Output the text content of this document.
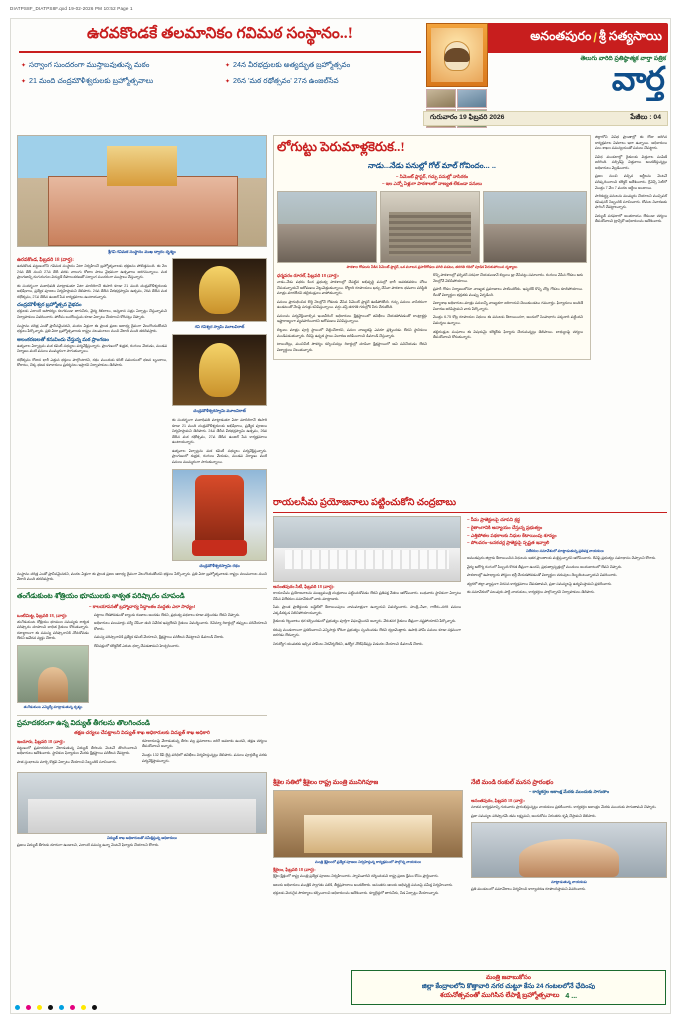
DIATPS8F_DIATPS8F.qxd 19-02-2026 PM 10:52 Page 1
ఉరవకొండకే తలమానికం గవిమఠ సంస్థానం..!
✦ సర్వాంగ సుందరంగా ముస్తాబవుతున్న మఠం	✦ 24న వీరభద్రులకు అత్యద్భుత బ్రహ్మోత్సవం
✦ 21 మంది చంద్రమౌళీశ్వరులకు బ్రహ్మోత్సవాలు	✦ 26న 'మఠ రథోత్సవం' 27న ఉంజల్‌సేవ
అనంతపురం / శ్రీ సత్యసాయి
తెలుగు వారిది ప్రతిష్ఠాత్మక వార్తా పత్రిక
వార్త
గురువారం 19 ఫిబ్రవరి 2026	పేజీలు : 04
శ్రీగవి గవిమఠ సంస్థానం ముఖ ద్వారం దృశ్యం
ఉరవకొండ, ఫిబ్రవరి 18 (వార్త):

ఉరవకొండ పట్టణంలోని గవిమఠ సంస్థానం ఏటా నిర్వహించే బ్రహ్మోత్సవాలకు భక్తజనం పోటెత్తనుంది. ఈ నెల 24వ తేదీ నుంచి 27వ తేదీ వరకు నాలుగు రోజుల పాటు వైభవంగా ఉత్సవాలు జరగనున్నాయి. మఠ ప్రాంగణాన్ని రంగురంగుల విద్యుత్ దీపాలంకరణతో సర్వాంగ సుందరంగా ముస్తాబు చేస్తున్నారు.

ఈ సందర్భంగా మఠాధిపతి మాట్లాడుతూ ఏటా మాదిరిగానే ఈసారి కూడా 21 మంది చంద్రమౌళీశ్వరులకు అభిషేకాలు, ప్రత్యేక పూజలు నిర్వహిస్తామని తెలిపారు. 24వ తేదీన వీరభద్రస్వామి ఉత్సవం, 26వ తేదీన మఠ రథోత్సవం, 27వ తేదీన ఉంజల్ సేవ కార్యక్రమాలు ఉంటాయన్నారు.

చంద్రమౌళీశ్వర బ్రహ్మోత్సవ వైభవం

భక్తులకు ఎలాంటి అసౌకర్యం కలగకుండా తాగునీరు, వైద్య శిబిరాలు, అన్నదాన సత్రం ఏర్పాట్లు చేస్తున్నామని నిర్వాహకులు వివరించారు. పోలీసు బందోబస్తును కూడా ఏర్పాటు చేయాలని కోరినట్లు చెప్పారు.

సంస్థానం చరిత్ర ఎంతో ప్రాచీనమైనదని, వందల ఏళ్లుగా ఈ ప్రాంత ప్రజల ఆరాధ్య దైవంగా వెలుగొందుతోందని భక్తులు పేర్కొన్నారు. ప్రతి ఏటా బ్రహ్మోత్సవాలకు రాష్ట్రం నలుమూలల నుంచి వేలాది మంది తరలివస్తారు.

అలంకరణలతో కనువిందు చేస్తున్న మఠ ప్రాంగణం

ఉత్సవాల ఏర్పాట్లను మఠ కమిటీ సభ్యులు పర్యవేక్షిస్తున్నారు. ప్రాంగణంలో శుభ్రత, రంగులు వేయడం, మండప నిర్మాణం వంటి పనులు ముమ్మరంగా సాగుతున్నాయి.

రథోత్సవం రోజున భారీ ఎత్తున భక్తులు పాల్గొంటారని, రథం ముందుకు కదిలే సమయంలో భజన బృందాలు, కోలాటం, చెక్క భజన కళాకారులు ప్రదర్శనలు ఇస్తారని నిర్వాహకులు తెలిపారు.

గవి గవిశ్వర స్వామి మూలవిరాట్
చంద్రమౌళీశ్వరస్వామి మూలవిరాట్

ఈ సందర్భంగా మఠాధిపతి మాట్లాడుతూ ఏటా మాదిరిగానే ఈసారి కూడా 21 మంది చంద్రమౌళీశ్వరులకు అభిషేకాలు, ప్రత్యేక పూజలు నిర్వహిస్తామని తెలిపారు. 24వ తేదీన వీరభద్రస్వామి ఉత్సవం, 26వ తేదీన మఠ రథోత్సవం, 27వ తేదీన ఉంజల్ సేవ కార్యక్రమాలు ఉంటాయన్నారు.

ఉత్సవాల ఏర్పాట్లను మఠ కమిటీ సభ్యులు పర్యవేక్షిస్తున్నారు. ప్రాంగణంలో శుభ్రత, రంగులు వేయడం, మండప నిర్మాణం వంటి పనులు ముమ్మరంగా సాగుతున్నాయి.

చంద్రమౌళీశ్వరస్వామి రథం

సంస్థానం చరిత్ర ఎంతో ప్రాచీనమైనదని, వందల ఏళ్లుగా ఈ ప్రాంత ప్రజల ఆరాధ్య దైవంగా వెలుగొందుతోందని భక్తులు పేర్కొన్నారు. ప్రతి ఏటా బ్రహ్మోత్సవాలకు రాష్ట్రం నలుమూలల నుంచి వేలాది మంది తరలివస్తారు.

తంగేడుకుంట శోత్రియం భూములకు శాశ్వత పరిష్కారం చూపండి
– కాలయాపనతో బ్రహ్మాచార్య సిద్ధాంతం మద్దతు ఎలా సాధ్యం!
ఒంటిమిట్ట, ఫిబ్రవరి 18, (వార్త):

తంగేడుకుంట శోత్రియం భూముల సమస్యకు శాశ్వత పరిష్కారం చూపాలని బాధిత రైతులు కోరుతున్నారు. దశాబ్దాలుగా ఈ సమస్య పరిష్కారానికి నోచుకోవడం లేదని ఆవేదన వ్యక్తం చేశారు.

తంగేడుకుంట ఎమ్మెల్యే మాట్లాడుతున్న దృశ్యం

పట్టాలు లేకపోవడంతో బ్యాంకు రుణాలు అందడం లేదని, ప్రభుత్వ పథకాలు కూడా వర్తించడం లేదని చెప్పారు.

అధికారులు పలుమార్లు సర్వే చేసినా తుది నివేదిక ఇవ్వలేదని రైతులు విమర్శించారు. రెవెన్యూ రికార్డుల్లో తప్పులు సరిచేయాలని కోరారు.

సమస్య పరిష్కారానికి ప్రత్యేక కమిటీ వేయాలని, క్షేత్రస్థాయి పరిశీలన చేపట్టాలని డిమాండ్ చేశారు.

లేనిపక్షంలో కలెక్టరేట్ ఎదుట ధర్నా చేపడతామని హెచ్చరించారు.

ప్రమాదకరంగా ఉన్న విద్యుత్ తీగలను తొలగించండి
తక్షణ చర్యలు చేపట్టాలని విద్యుత్ శాఖ అధికారులకు విద్యుత్ శాఖ అధికారి
ఇందూరు, ఫిబ్రవరి 18 (వార్త):

పట్టణంలో ప్రమాదకరంగా వేలాడుతున్న విద్యుత్ తీగలను వెంటనే తొలగించాలని అధికారులు ఆదేశించారు. స్థానికుల ఫిర్యాదుల మేరకు క్షేత్రస్థాయి పరిశీలన చేపట్టారు.

పాత స్తంభాలను మార్చి కొత్తవి ఏర్పాటు చేయాలని సిబ్బందికి సూచించారు.

రహదారులపై వేలాడుతున్న తీగల వల్ల ప్రమాదాలు జరిగే అవకాశం ఉందని, తక్షణ చర్యలు తీసుకోవాలని అన్నారు.

మొత్తం 132 కేవీ లైన్ల పరిధిలో తనిఖీలు నిర్వహిస్తున్నట్లు తెలిపారు. పనులు పూర్తయ్యే వరకు పర్యవేక్షిస్తామన్నారు.

విద్యుత్ శాఖ అధికారులతో సమీక్షిస్తున్న అధికారులు

ప్రజలు విద్యుత్ తీగలకు దూరంగా ఉండాలని, ఎలాంటి సమస్య ఉన్నా వెంటనే ఫిర్యాదు చేయాలని కోరారు.

లోగుట్టు పెరుమాళ్లకెరుక..!
నాడు...నేడు పనుల్లో గోల్ మాల్ గోవిందం... ..
– సిమెంట్ ప్లాస్టర్, గచ్చు పనుల్లో నాసిరకం
– ఇల ఎన్నో ఏళ్లుగా పాఠశాలలో నాణ్యత లేకుండా పనులు
పాఠశాల గోడలను పీకిన సిమెంట్ ప్లాస్టర్, ఒక మూలన ప్రహరీగోడలు పగిలి పడటం, తరగతి గదిలో పూడిక పేరుకుపోయిన దృశ్యాలు
ధర్మవరం రూరల్, ఫిబ్రవరి 18 (వార్త):

నాడు–నేడు పథకం కింద ప్రభుత్వ పాఠశాలల్లో చేపట్టిన అభివృద్ధి పనుల్లో భారీ అవకతవకలు చోటు చేసుకున్నాయనే ఆరోపణలు వెల్లువెత్తుతున్నాయి. కోట్లాది రూపాయలు ఖర్చు చేసినా పాఠశాల భవనాల పరిస్థితి మాత్రం మారలేదని తల్లిదండ్రులు వాపోతున్నారు.

పనులు ప్రారంభించిన కొద్ది నెలల్లోనే గోడలకు వేసిన సిమెంట్ ప్లాస్టర్ ఊడిపోతోంది. గచ్చు పనులు నాసిరకంగా ఉండటంతో నేలపై పగుళ్లు కనిపిస్తున్నాయి. వర్షం వస్తే తరగతి గదుల్లోకి నీరు చేరుతోంది.

పనులను పర్యవేక్షించాల్సిన ఇంజనీరింగ్ అధికారులు క్షేత్రస్థాయిలో తనిఖీలు చేయకపోవడంతో కాంట్రాక్టర్లు ఇష్టారాజ్యంగా వ్యవహరించారని ఆరోపణలు వినిపిస్తున్నాయి.

బిల్లులు మాత్రం పూర్తి స్థాయిలో చెల్లించేశారని, పనుల నాణ్యతపై ఎవరూ ప్రశ్నించడం లేదని స్థానికులు మండిపడుతున్నారు. దీనిపై ఉన్నత స్థాయి విచారణ జరిపించాలని డిమాండ్ చేస్తున్నారు.

టాయిలెట్లు, మంచినీటి సౌకర్యం కల్పించినట్లు రికార్డుల్లో చూపినా క్షేత్రస్థాయిలో అవి పనిచేయడం లేదని విద్యార్థులు చెబుతున్నారు.

కొన్ని పాఠశాలల్లో ఫర్నిచర్ సరఫరా చేయకుండానే బిల్లులు డ్రా చేసినట్లు సమాచారం. రంగులు వేసిన గోడలు ఆరు నెలల్లోనే వెలిసిపోయాయి.

ప్రహరీ గోడల నిర్మాణంలోనూ నాణ్యత ప్రమాణాలు పాటించలేదు. ఇప్పటికే కొన్ని చోట్ల గోడలు కూలిపోయాయి. దీంతో విద్యార్థుల భద్రతకు ముప్పు ఏర్పడింది.

విద్యాశాఖ అధికారులు మాత్రం పనులన్నీ నాణ్యతగా జరిగాయని చెబుతుండటం గమనార్హం. ఫిర్యాదులు అందితే విచారణ జరిపిస్తామని వారు పేర్కొన్నారు.

మొత్తం 6.75 కోట్ల రూపాయల నిధులు ఈ పనులకు కేటాయించగా, అందులో సింహభాగం పక్కదారి పట్టిందని విమర్శలు ఉన్నాయి.

తల్లిదండ్రుల సంఘాలు ఈ విషయమై కలెక్టర్‌కు ఫిర్యాదు చేయనున్నట్లు తెలిపాయి. బాధ్యులపై చర్యలు తీసుకోవాలని కోరుతున్నారు.

జిల్లాలోని వివిధ ప్రాంతాల్లో ఈ రోజు జరిగిన కార్యక్రమాల వివరాలు ఇలా ఉన్నాయి. అధికారులు పలు శాఖల సమన్వయంతో పనులు చేపట్టారు.

వివిధ మండలాల్లో రైతులకు విత్తనాల పంపిణీ జరిగింది. సబ్సిడీపై విత్తనాలు అందజేస్తున్నట్లు అధికారులు వెల్లడించారు.

ప్రజల నుంచి వచ్చిన అర్జీలను వెంటనే పరిష్కరించాలని కలెక్టర్ ఆదేశించారు. గ్రీవెన్స్ సెల్‌లో మొత్తం 7 వేల 7 వందల అర్జీలు అందాయి.

పారిశుద్ధ్య పనులను ముమ్మరం చేయాలని మున్సిపల్ కమిషనర్ సిబ్బందికి సూచించారు. దోమల నివారణకు ఫాగింగ్ చేపట్టాలన్నారు.

విద్యుత్ సరఫరాలో అంతరాయం లేకుండా చర్యలు తీసుకోవాలని ట్రాన్స్‌కో అధికారులను ఆదేశించారు.

రాయలసీమ ప్రయోజనాలు పట్టించుకోని చంద్రబాబు
అనంతపురం సిటీ, ఫిబ్రవరి 18 (వార్త):

రాయలసీమ ప్రయోజనాలను ముఖ్యమంత్రి చంద్రబాబు పట్టించుకోవడం లేదని ప్రతిపక్ష నేతలు ఆరోపించారు. బుధవారం స్థానికంగా ఏర్పాటు చేసిన విలేకరుల సమావేశంలో వారు మాట్లాడారు.

సీమ ప్రాంత ప్రాజెక్టులకు బడ్జెట్‌లో కేటాయింపులు నామమాత్రంగా ఉన్నాయని విమర్శించారు. హంద్రీ–నీవా, గాలేరు–నగరి పనులు ఎక్కడికక్కడ నిలిచిపోయాయన్నారు.

రైతులకు గిట్టుబాటు ధర కల్పించడంలో ప్రభుత్వం పూర్తిగా విఫలమైందని అన్నారు. వేరుశనగ రైతులు తీవ్రంగా నష్టపోయారని పేర్కొన్నారు.

కరువు మండలాలుగా ప్రకటించాలని ఎన్నిసార్లు కోరినా ప్రభుత్వం స్పందించడం లేదని ధ్వజమెత్తారు. ఉపాధి హామీ పనులు కూడా సక్రమంగా జరగడం లేదన్నారు.

నిరుద్యోగ యువతకు ఇచ్చిన హామీలు నెరవేర్చలేదని, ఉద్యోగ నోటిఫికేషన్లు విడుదల చేయాలని డిమాండ్ చేశారు.

– సీమ ప్రాజెక్టులపై చూపని శ్రద్ధ
– రైతాంగానికి అన్యాయం చేస్తున్న ప్రభుత్వం
– ఎత్తిపోతల పథకాలకు నిధుల కేటాయింపు శూన్యం
– పోలవరం–బనకచర్ల ప్రాజెక్టుపై స్పష్టత ఇవ్వాలి
విలేకరుల సమావేశంలో మాట్లాడుతున్న ప్రతిపక్ష నాయకులు

అనంతపురం జిల్లాకు కేటాయించిన నిధులను ఇతర ప్రాంతాలకు మళ్లిస్తున్నారని ఆరోపించారు. దీనిపై ప్రభుత్వం సమాధానం చెప్పాలని కోరారు.

వైద్య ఆరోగ్య రంగంలో సిబ్బంది కొరత తీవ్రంగా ఉందని, ప్రభుత్వాస్పత్రుల్లో మందులు అందుబాటులో లేవని చెప్పారు.

పాఠశాలల్లో ఉపాధ్యాయ పోస్టుల భర్తీ చేయకపోవడంతో విద్యార్థుల చదువులు దెబ్బతింటున్నాయని వివరించారు.

త్వరలో జిల్లా వ్యాప్తంగా నిరసన కార్యక్రమాలు చేపడతామని, ప్రజా సమస్యలపై ఉద్యమిస్తామని ప్రకటించారు.

ఈ సమావేశంలో పలువురు పార్టీ నాయకులు, కార్యకర్తలు పాల్గొన్నారని నిర్వాహకులు తెలిపారు.

శ్రీశైల సతిలో శ్రీశైలం రాష్ట్ర మంత్రి మునిగిపూజ
మంత్రి శ్రీశైలంలో ప్రత్యేక పూజలు నిర్వహిస్తున్న కార్యక్రమంలో పాల్గొన్న నాయకులు
శ్రీశైలం, ఫిబ్రవరి 18 (వార్త):

శ్రీశైల క్షేత్రంలో రాష్ట్ర మంత్రి ప్రత్యేక పూజలు నిర్వహించారు. స్వామివారిని దర్శించుకుని రాష్ట్ర ప్రజల క్షేమం కోసం ప్రార్థించారు.

ఆలయ అధికారులు మంత్రికి స్వాగతం పలికి, తీర్థప్రసాదాలు అందజేశారు. అనంతరం ఆలయ అభివృద్ధి పనులపై సమీక్ష నిర్వహించారు.

భక్తులకు మెరుగైన సౌకర్యాలు కల్పించాలని అధికారులను ఆదేశించారు. క్యూలైన్లలో తాగునీరు, నీడ ఏర్పాట్లు చేయాలన్నారు.

నేటి మండి రంకుల్ మనస ప్రారంభం
– కార్యకర్తల ఆకాంక్ష మేరకు ముందుకు సాగుతాం
అనంతపురం, ఫిబ్రవరి 18 (వార్త):

నూతన కార్యక్రమాన్ని గురువారం ప్రారంభిస్తున్నట్లు నాయకులు ప్రకటించారు. కార్యకర్తల ఆకాంక్షల మేరకు ముందుకు సాగుతామని చెప్పారు.

ప్రజా సమస్యల పరిష్కారమే తమ లక్ష్యమని, అందుకోసం నిరంతరం కృషి చేస్తామని తెలిపారు.

మాట్లాడుతున్న నాయకుడు

ప్రతి మండలంలో సమావేశాలు నిర్వహించి కార్యాచరణ రూపొందిస్తామని వివరించారు.

మంత్రి జవాబుకోసం
జిల్లా కేంద్రాలలోని కొత్తావారి నగర చుట్టూ కేసు 24 గంటలలోనే ఛేదింపు
శయనోత్సవంతో ముగిసిన లేపాక్షి బ్రహ్మోత్సవాలు 4 ...
